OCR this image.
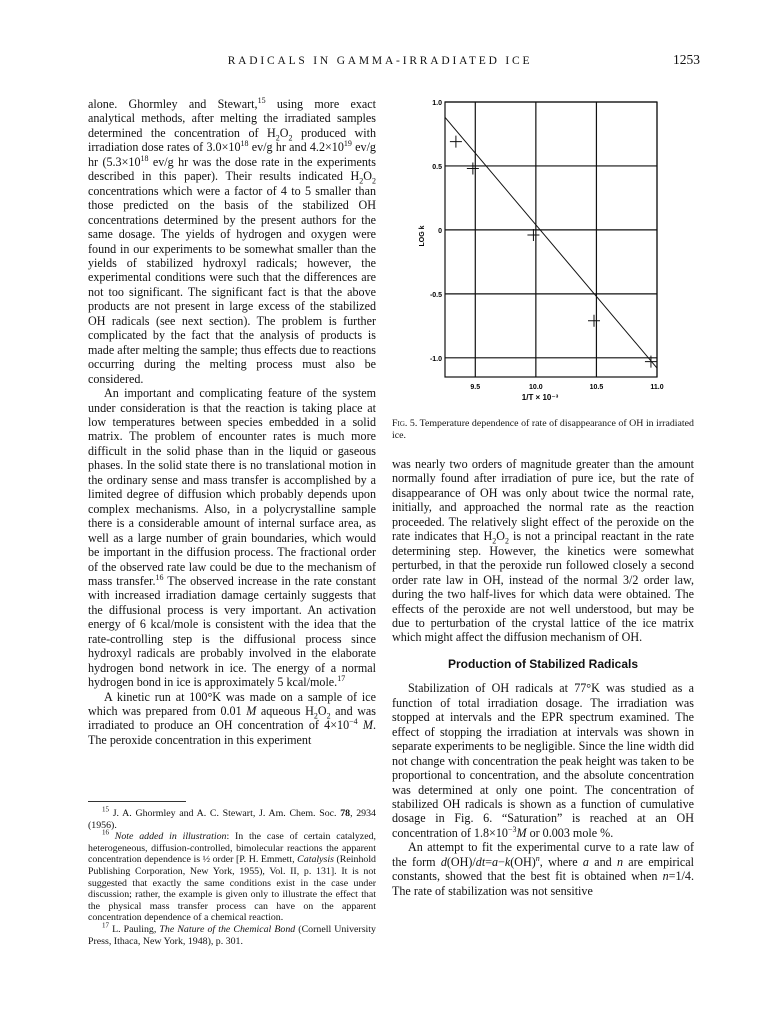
RADICALS IN GAMMA-IRRADIATED ICE	1253

alone. Ghormley and Stewart,$^{15}$ using more exact analytical methods, after melting the irradiated samples determined the concentration of $H_2O_2$ produced with irradiation dose rates of $3.0\times 10^{18}$ ev/g hr and $4.2\times 10^{19}$ ev/g hr ($5.3\times 10^{18}$ ev/g hr was the dose rate in the experiments described in this paper). Their results indicated $H_2O_2$ concentrations which were a factor of 4 to 5 smaller than those predicted on the basis of the stabilized OH concentrations determined by the present authors for the same dosage. The yields of hydrogen and oxygen were found in our experiments to be somewhat smaller than the yields of stabilized hydroxyl radicals; however, the experimental conditions were such that the differences are not too significant. The significant fact is that the above products are not present in large excess of the stabilized OH radicals (see next section). The problem is further complicated by the fact that the analysis of products is made after melting the sample; thus effects due to reactions occurring during the melting process must also be considered.

An important and complicating feature of the system under consideration is that the reaction is taking place at low temperatures between species embedded in a solid matrix. The problem of encounter rates is much more difficult in the solid phase than in the liquid or gaseous phases. In the solid state there is no translational motion in the ordinary sense and mass transfer is accomplished by a limited degree of diffusion which probably depends upon complex mechanisms. Also, in a polycrystalline sample there is a considerable amount of internal surface area, as well as a large number of grain boundaries, which would be important in the diffusion process. The fractional order of the observed rate law could be due to the mechanism of mass transfer.$^{16}$ The observed increase in the rate constant with increased irradiation damage certainly suggests that the diffusional process is very important. An activation energy of 6 kcal/mole is consistent with the idea that the rate-controlling step is the diffusional process since hydroxyl radicals are probably involved in the elaborate hydrogen bond network in ice. The energy of a normal hydrogen bond in ice is approximately 5 kcal/mole.$^{17}$

A kinetic run at 100°K was made on a sample of ice which was prepared from 0.01 M aqueous $H_2O_2$ and was irradiated to produce an OH concentration of $4\times 10^{-4}$ M. The peroxide concentration in this experiment

$^{15}$ J. A. Ghormley and A. C. Stewart, J. Am. Chem. Soc. 78, 2934 (1956).

$^{16}$ Note added in illustration: In the case of certain catalyzed, heterogeneous, diffusion-controlled, bimolecular reactions the apparent concentration dependence is ½ order [P. H. Emmett, Catalysis (Reinhold Publishing Corporation, New York, 1955), Vol. II, p. 131]. It is not suggested that exactly the same conditions exist in the case under discussion; rather, the example is given only to illustrate the effect that the physical mass transfer process can have on the apparent concentration dependence of a chemical reaction.

$^{17}$ L. Pauling, The Nature of the Chemical Bond (Cornell University Press, Ithaca, New York, 1948), p. 301.

9.5	10.0	10.5	11.0
1.0
0.5
0
-0.5
-1.0
LOG k
1/T × 10⁻³
Fig. 5. Temperature dependence of rate of disappearance of OH in irradiated ice.

was nearly two orders of magnitude greater than the amount normally found after irradiation of pure ice, but the rate of disappearance of OH was only about twice the normal rate, initially, and approached the normal rate as the reaction proceeded. The relatively slight effect of the peroxide on the rate indicates that $H_2O_2$ is not a principal reactant in the rate determining step. However, the kinetics were somewhat perturbed, in that the peroxide run followed closely a second order rate law in OH, instead of the normal 3/2 order law, during the two half-lives for which data were obtained. The effects of the peroxide are not well understood, but may be due to perturbation of the crystal lattice of the ice matrix which might affect the diffusion mechanism of OH.

Production of Stabilized Radicals

Stabilization of OH radicals at 77°K was studied as a function of total irradiation dosage. The irradiation was stopped at intervals and the EPR spectrum examined. The effect of stopping the irradiation at intervals was shown in separate experiments to be negligible. Since the line width did not change with concentration the peak height was taken to be proportional to concentration, and the absolute concentration was determined at only one point. The concentration of stabilized OH radicals is shown as a function of cumulative dosage in Fig. 6. “Saturation” is reached at an OH concentration of $1.8\times 10^{-3}M$ or 0.003 mole %.

An attempt to fit the experimental curve to a rate law of the form d(OH)/dt=a−k(OH)$^n$, where a and n are empirical constants, showed that the best fit is obtained when n=1/4. The rate of stabilization was not sensitive
